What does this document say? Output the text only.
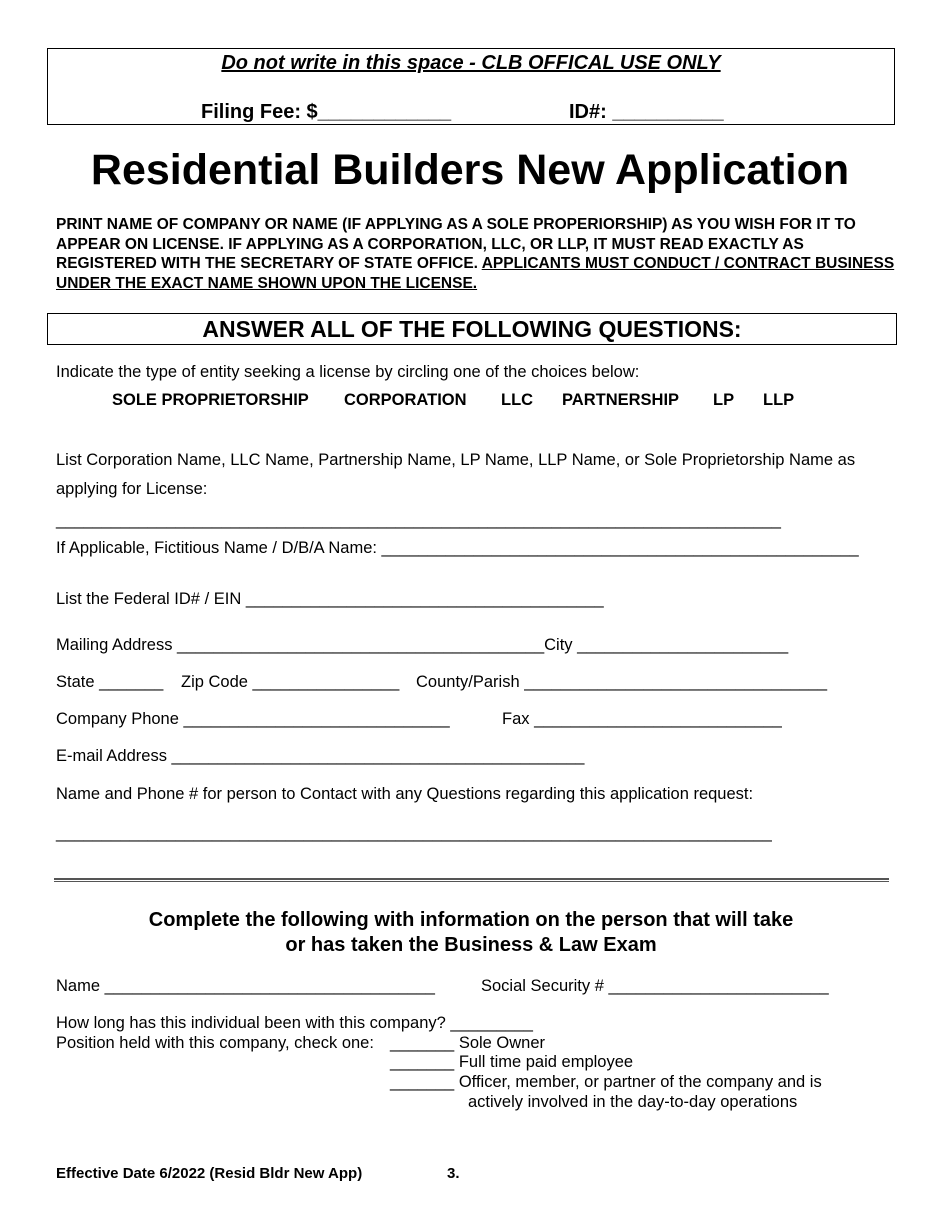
Do not write in this space - CLB OFFICAL USE ONLY
Filing Fee: $____________	ID#: __________
Residential Builders New Application
PRINT NAME OF COMPANY OR NAME (IF APPLYING AS A SOLE PROPERIORSHIP) AS YOU WISH FOR IT TO APPEAR ON LICENSE. IF APPLYING AS A CORPORATION, LLC, OR LLP, IT MUST READ EXACTLY AS REGISTERED WITH THE SECRETARY OF STATE OFFICE. APPLICANTS MUST CONDUCT / CONTRACT BUSINESS UNDER THE EXACT NAME SHOWN UPON THE LICENSE.
ANSWER ALL OF THE FOLLOWING QUESTIONS:
Indicate the type of entity seeking a license by circling one of the choices below:
SOLE PROPRIETORSHIP CORPORATION LLC PARTNERSHIP LP LLP
List Corporation Name, LLC Name, Partnership Name, LP Name, LLP Name, or Sole Proprietorship Name as
applying for License:
_______________________________________________________________________________
If Applicable, Fictitious Name / D/B/A Name: ____________________________________________________
List the Federal ID# / EIN _______________________________________
Mailing Address ________________________________________City _______________________
State _______ Zip Code ________________ County/Parish _________________________________
Company Phone _____________________________	Fax ___________________________
E-mail Address _____________________________________________
Name and Phone # for person to Contact with any Questions regarding this application request:
______________________________________________________________________________
Complete the following with information on the person that will take
or has taken the Business & Law Exam
Name ____________________________________	Social Security # ________________________
How long has this individual been with this company? _________
Position held with this company, check one: _______ Sole Owner
_______ Full time paid employee
_______ Officer, member, or partner of the company and is
actively involved in the day-to-day operations
Effective Date 6/2022 (Resid Bldr New App)	3.
